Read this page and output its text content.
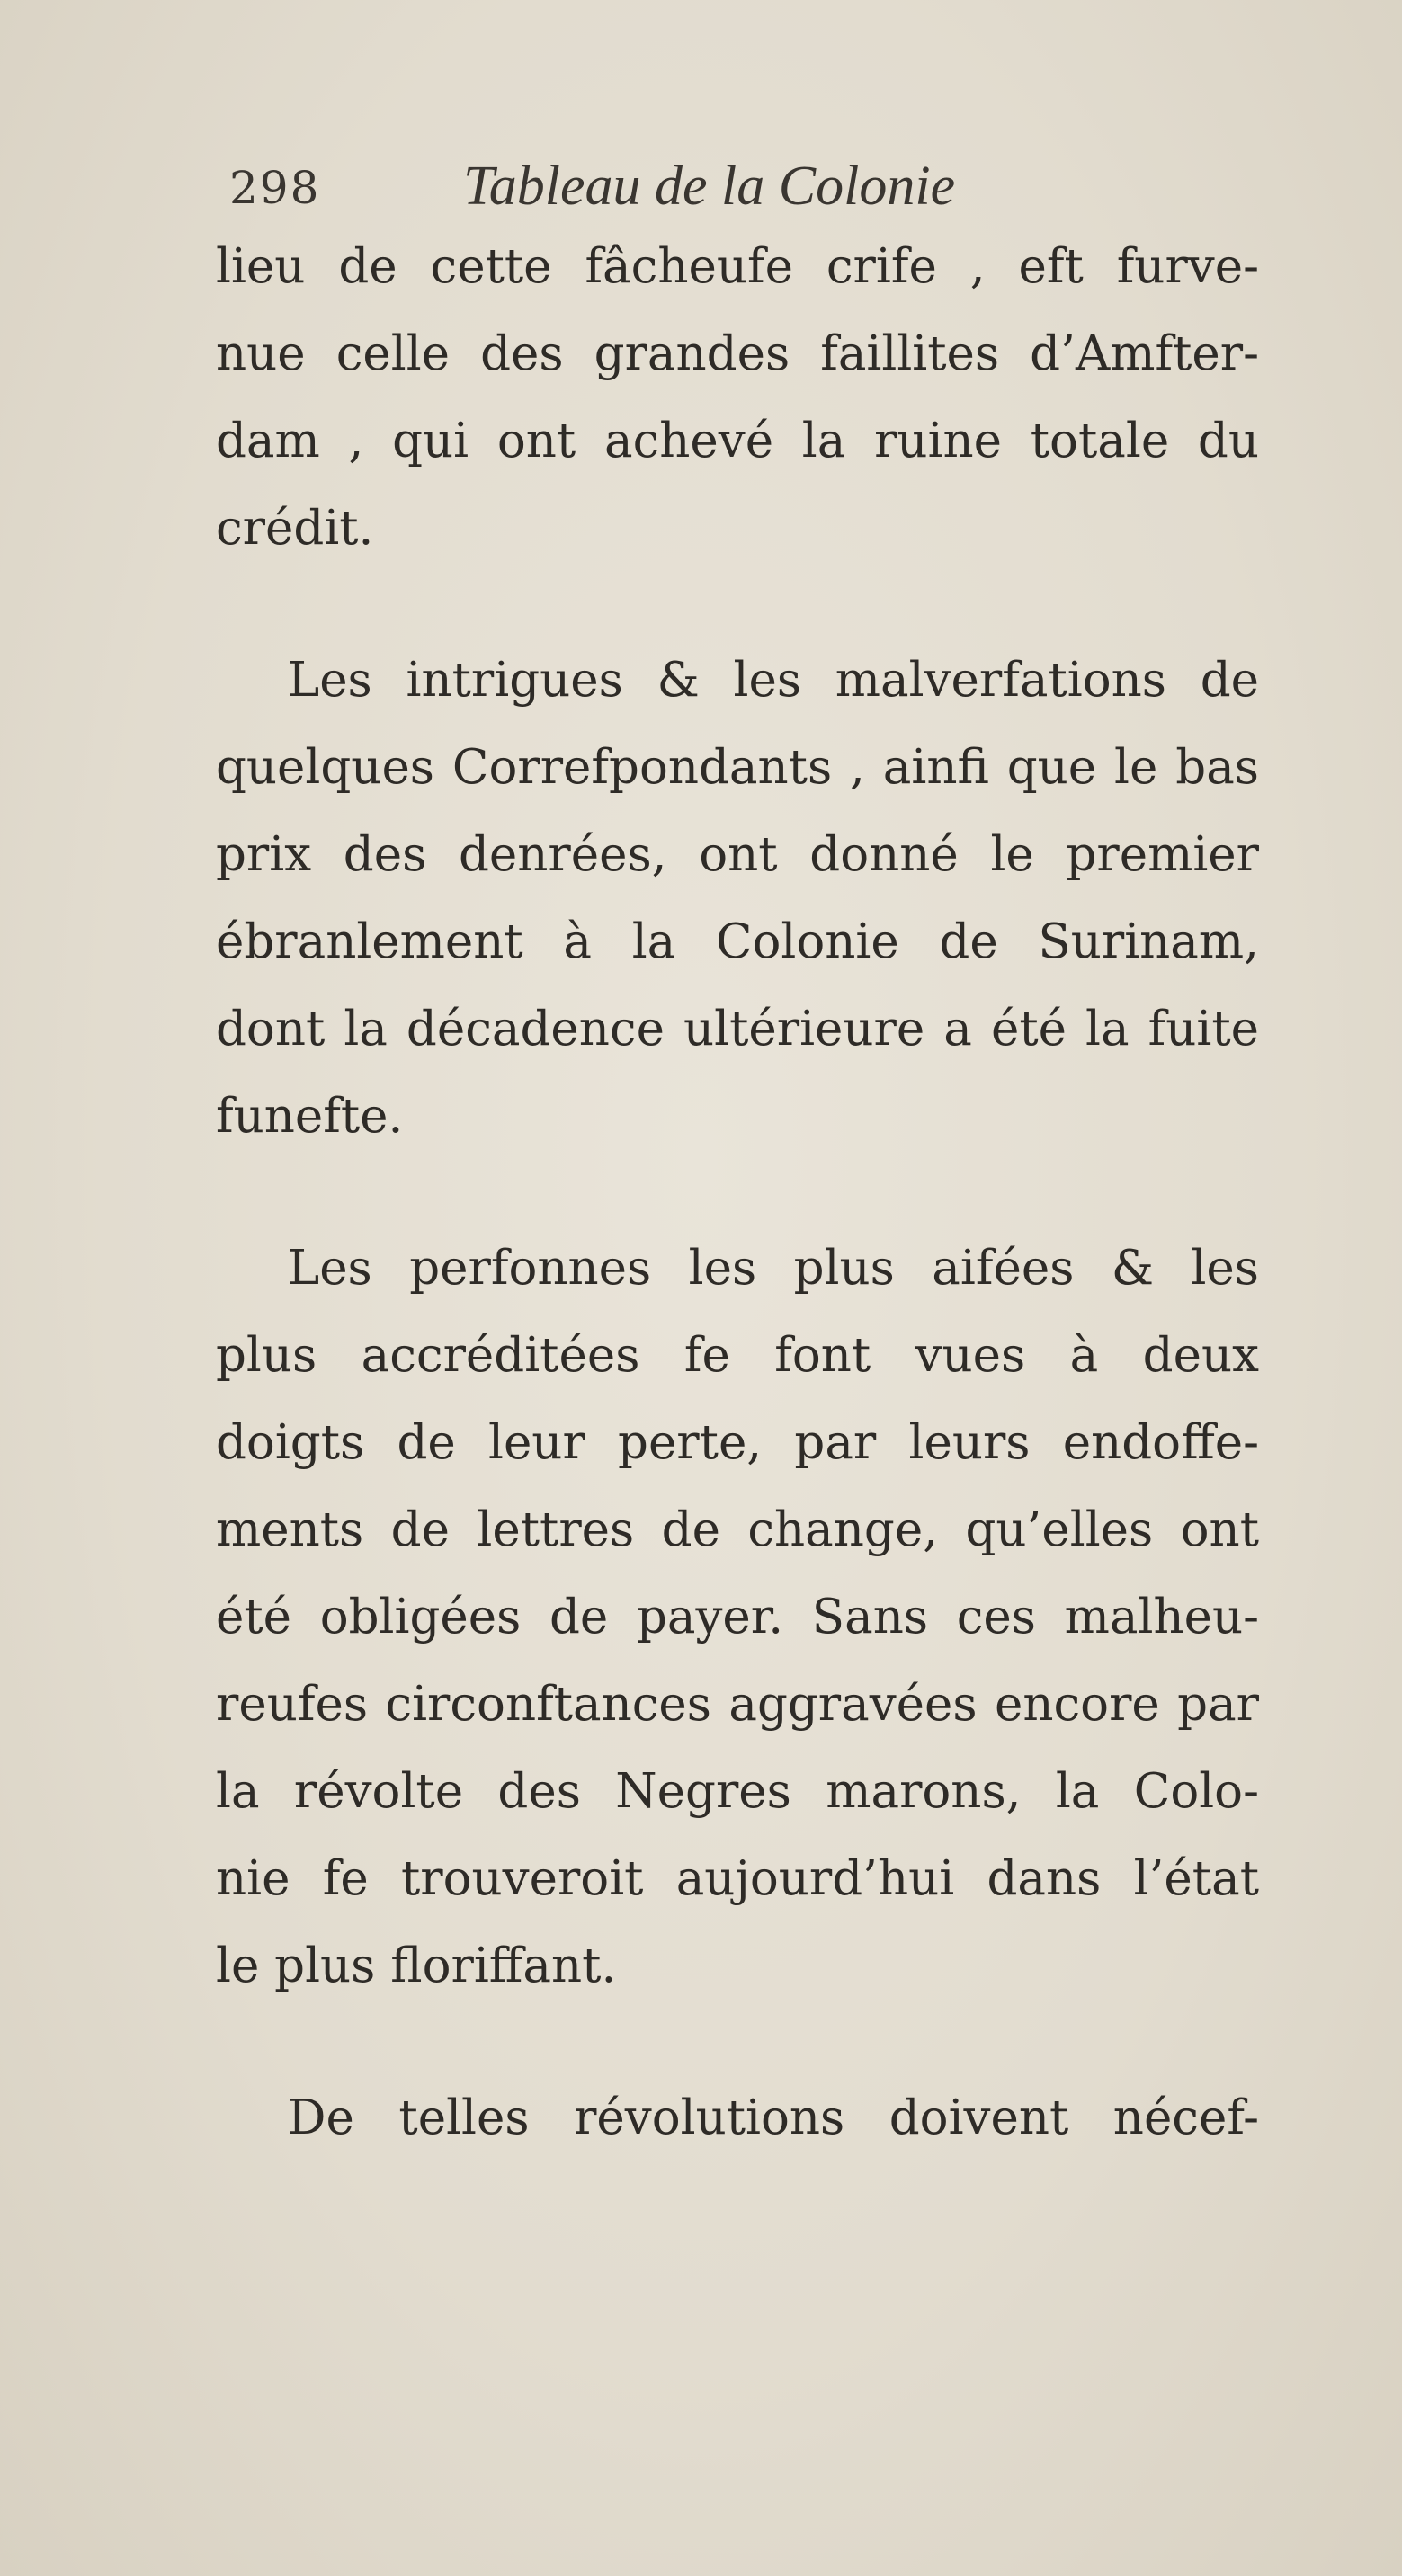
298	Tableau de la Colonie
lieu de cette fâcheufe crife , eft furve-
nue celle des grandes faillites d’Amfter-
dam , qui ont achevé la ruine totale du
crédit.
Les intrigues & les malverfations de
quelques Correfpondants , ainfi que le bas
prix des denrées, ont donné le premier
ébranlement à la Colonie de Surinam,
dont la décadence ultérieure a été la fuite
funefte.
Les perfonnes les plus aifées & les
plus accréditées fe font vues à deux
doigts de leur perte, par leurs endoffe-
ments de lettres de change, qu’elles ont
été obligées de payer. Sans ces malheu-
reufes circonftances aggravées encore par
la révolte des Negres marons, la Colo-
nie fe trouveroit aujourd’hui dans l’état
le plus floriffant.
De telles révolutions doivent nécef-
